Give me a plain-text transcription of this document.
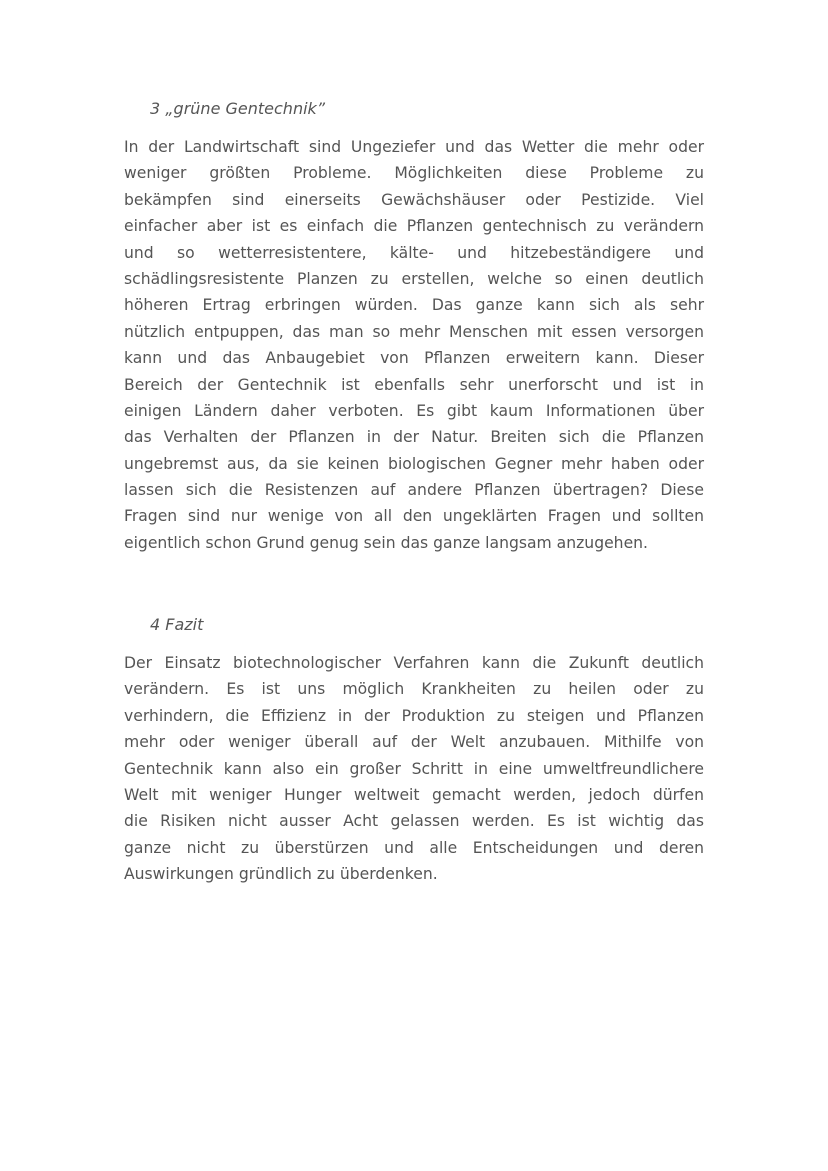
3 „grüne Gentechnik”
In der Landwirtschaft sind Ungeziefer und das Wetter die mehr oder
weniger größten Probleme. Möglichkeiten diese Probleme zu
bekämpfen sind einerseits Gewächshäuser oder Pestizide. Viel
einfacher aber ist es einfach die Pflanzen gentechnisch zu verändern
und so wetterresistentere, kälte- und hitzebeständigere und
schädlingsresistente Planzen zu erstellen, welche so einen deutlich
höheren Ertrag erbringen würden. Das ganze kann sich als sehr
nützlich entpuppen, das man so mehr Menschen mit essen versorgen
kann und das Anbaugebiet von Pflanzen erweitern kann. Dieser
Bereich der Gentechnik ist ebenfalls sehr unerforscht und ist in
einigen Ländern daher verboten. Es gibt kaum Informationen über
das Verhalten der Pflanzen in der Natur. Breiten sich die Pflanzen
ungebremst aus, da sie keinen biologischen Gegner mehr haben oder
lassen sich die Resistenzen auf andere Pflanzen übertragen? Diese
Fragen sind nur wenige von all den ungeklärten Fragen und sollten
eigentlich schon Grund genug sein das ganze langsam anzugehen.
4 Fazit
Der Einsatz biotechnologischer Verfahren kann die Zukunft deutlich
verändern. Es ist uns möglich Krankheiten zu heilen oder zu
verhindern, die Effizienz in der Produktion zu steigen und Pflanzen
mehr oder weniger überall auf der Welt anzubauen. Mithilfe von
Gentechnik kann also ein großer Schritt in eine umweltfreundlichere
Welt mit weniger Hunger weltweit gemacht werden, jedoch dürfen
die Risiken nicht ausser Acht gelassen werden. Es ist wichtig das
ganze nicht zu überstürzen und alle Entscheidungen und deren
Auswirkungen gründlich zu überdenken.
